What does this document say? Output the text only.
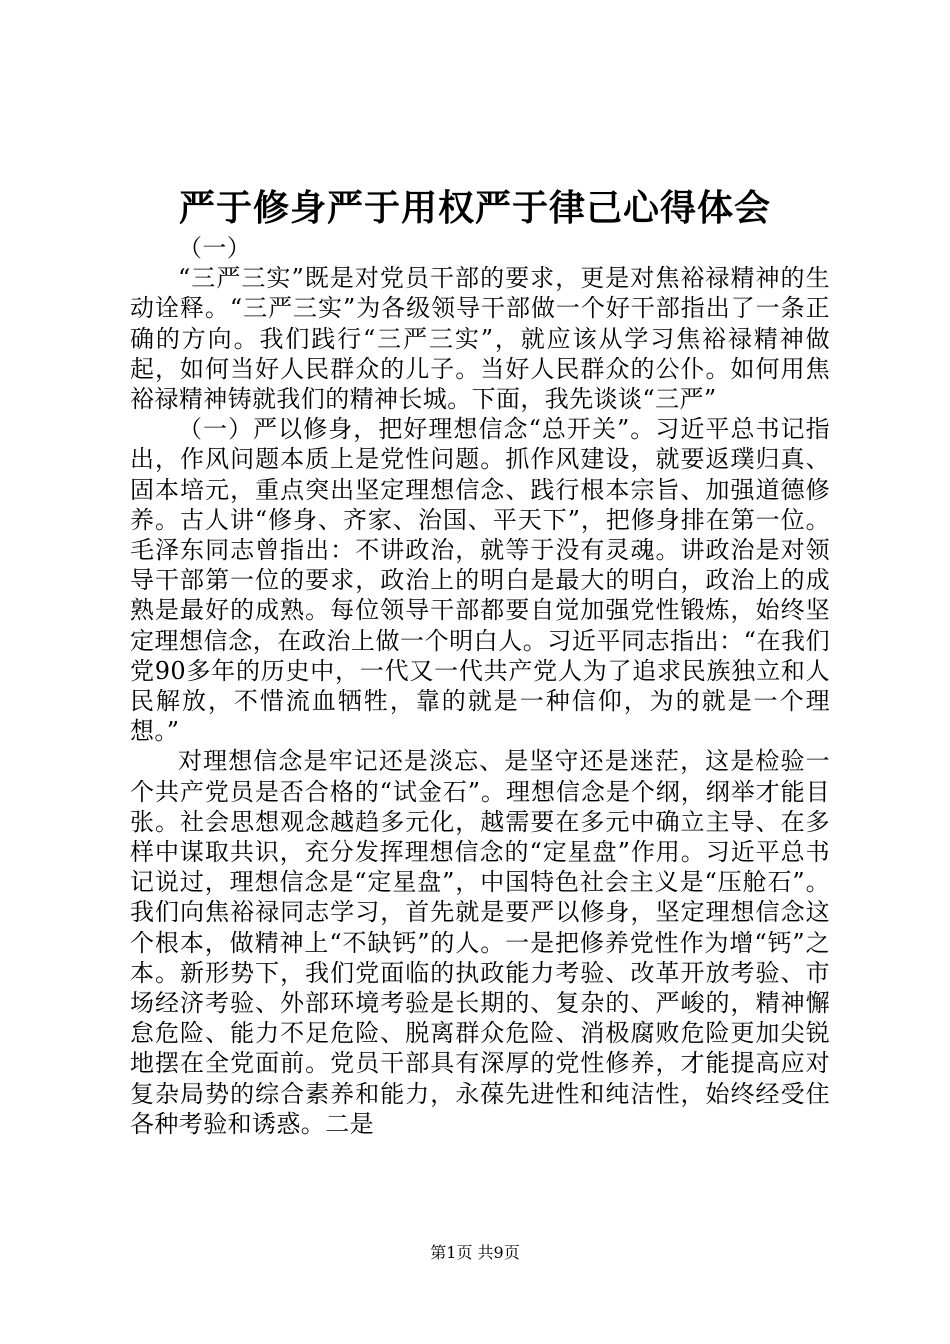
严于修身严于用权严于律己心得体会

（一）

“三严三实”既是对党员干部的要求，更是对焦裕禄精神的生动诠释。“三严三实”为各级领导干部做一个好干部指出了一条正确的方向。我们践行“三严三实”，就应该从学习焦裕禄精神做起，如何当好人民群众的儿子。当好人民群众的公仆。如何用焦裕禄精神铸就我们的精神长城。下面，我先谈谈“三严”

（一）严以修身，把好理想信念“总开关”。习近平总书记指出，作风问题本质上是党性问题。抓作风建设，就要返璞归真、固本培元，重点突出坚定理想信念、践行根本宗旨、加强道德修养。古人讲“修身、齐家、治国、平天下”，把修身排在第一位。毛泽东同志曾指出：不讲政治，就等于没有灵魂。讲政治是对领导干部第一位的要求，政治上的明白是最大的明白，政治上的成熟是最好的成熟。每位领导干部都要自觉加强党性锻炼，始终坚定理想信念，在政治上做一个明白人。习近平同志指出：“在我们党90多年的历史中，一代又一代共产党人为了追求民族独立和人民解放，不惜流血牺牲，靠的就是一种信仰，为的就是一个理想。”

对理想信念是牢记还是淡忘、是坚守还是迷茫，这是检验一个共产党员是否合格的“试金石”。理想信念是个纲，纲举才能目张。社会思想观念越趋多元化，越需要在多元中确立主导、在多样中谋取共识，充分发挥理想信念的“定星盘”作用。习近平总书记说过，理想信念是“定星盘”，中国特色社会主义是“压舱石”。我们向焦裕禄同志学习，首先就是要严以修身，坚定理想信念这个根本，做精神上“不缺钙”的人。一是把修养党性作为增“钙”之本。新形势下，我们党面临的执政能力考验、改革开放考验、市场经济考验、外部环境考验是长期的、复杂的、严峻的，精神懈怠危险、能力不足危险、脱离群众危险、消极腐败危险更加尖锐地摆在全党面前。党员干部具有深厚的党性修养，才能提高应对复杂局势的综合素养和能力，永葆先进性和纯洁性，始终经受住各种考验和诱惑。二是

第1页 共9页
